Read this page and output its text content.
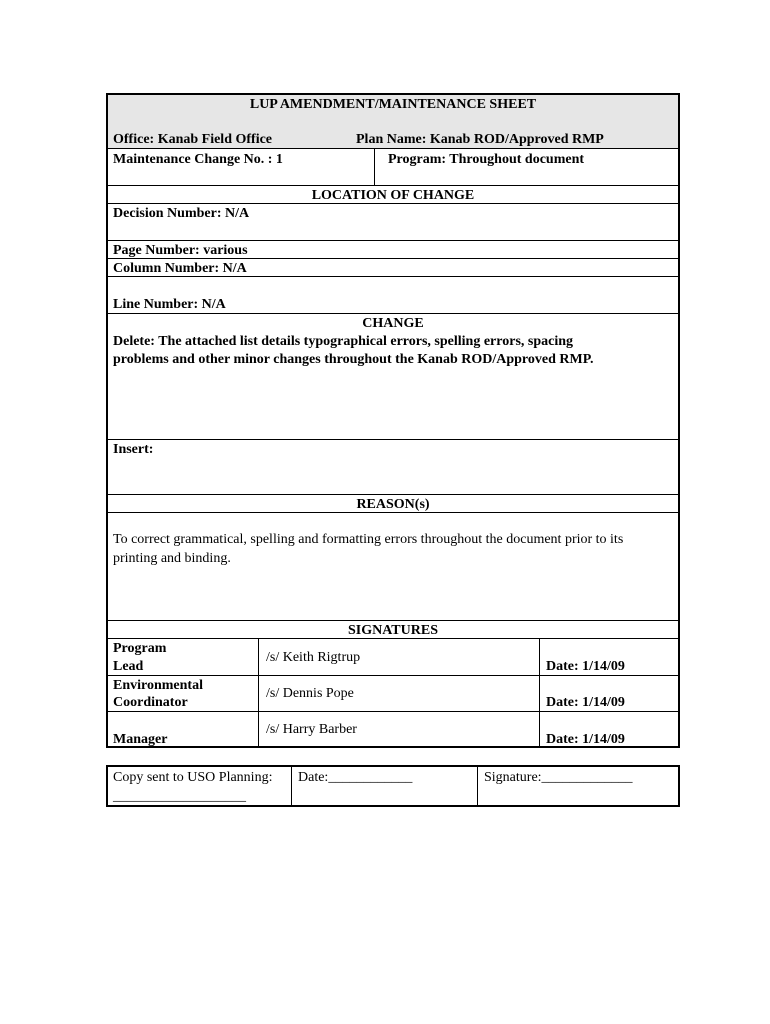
LUP AMENDMENT/MAINTENANCE SHEET
Office: Kanab Field Office	Plan Name: Kanab ROD/Approved RMP
Maintenance Change No. : 1	Program: Throughout document
LOCATION OF CHANGE
Decision Number: N/A
Page Number: various
Column Number: N/A
Line Number: N/A
CHANGE
Delete: The attached list details typographical errors, spelling errors, spacing
problems and other minor changes throughout the Kanab ROD/Approved RMP.
Insert:
REASON(s)
To correct grammatical, spelling and formatting errors throughout the document prior to its
printing and binding.
SIGNATURES
Program
Lead
/s/ Keith Rigtrup
Date: 1/14/09
Environmental
Coordinator
/s/ Dennis Pope
Date: 1/14/09
Manager
/s/ Harry Barber
Date: 1/14/09
Copy sent to USO Planning:
___________________
Date:____________	Signature:_____________
